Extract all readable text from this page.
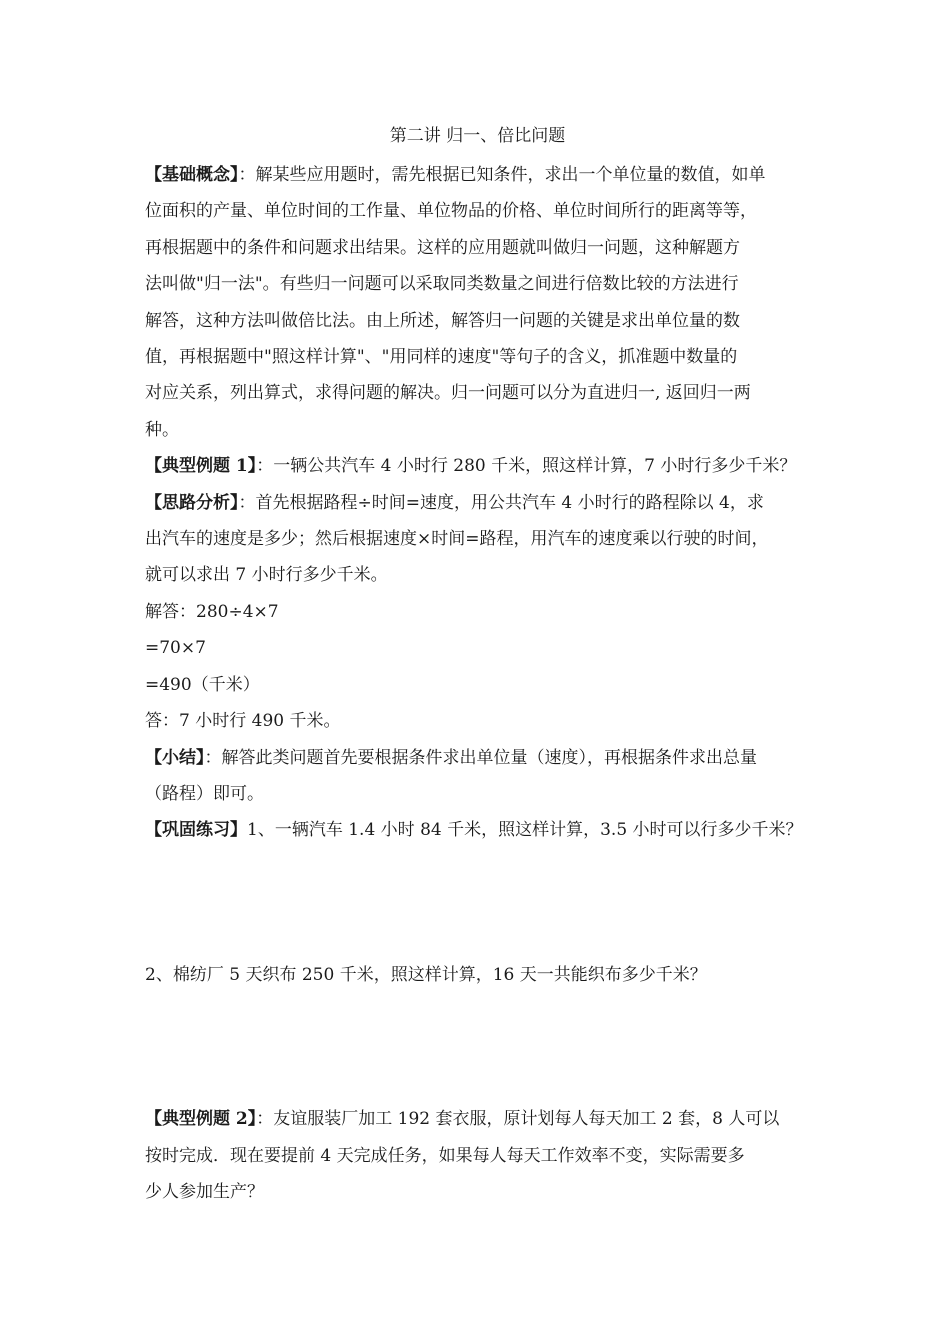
第二讲 归一、倍比问题

【基础概念】：解某些应用题时，需先根据已知条件，求出一个单位量的数值，如单
位面积的产量、单位时间的工作量、单位物品的价格、单位时间所行的距离等等，
再根据题中的条件和问题求出结果。这样的应用题就叫做归一问题，这种解题方
法叫做"归一法"。有些归一问题可以采取同类数量之间进行倍数比较的方法进行
解答，这种方法叫做倍比法。由上所述，解答归一问题的关键是求出单位量的数
值，再根据题中"照这样计算"、"用同样的速度"等句子的含义，抓准题中数量的
对应关系，列出算式，求得问题的解决。归一问题可以分为直进归一, 返回归一两
种。

【典型例题 1】：一辆公共汽车 4 小时行 280 千米，照这样计算，7 小时行多少千米？

【思路分析】：首先根据路程÷时间=速度，用公共汽车 4 小时行的路程除以 4，求
出汽车的速度是多少；然后根据速度×时间=路程，用汽车的速度乘以行驶的时间，
就可以求出 7 小时行多少千米。

解答：280÷4×7
=70×7
=490（千米）
答：7 小时行 490 千米。

【小结】：解答此类问题首先要根据条件求出单位量（速度），再根据条件求出总量
（路程）即可。

【巩固练习】1、一辆汽车 1.4 小时 84 千米，照这样计算，3.5 小时可以行多少千米？

2、棉纺厂 5 天织布 250 千米，照这样计算，16 天一共能织布多少千米？

【典型例题 2】：友谊服装厂加工 192 套衣服，原计划每人每天加工 2 套，8 人可以
按时完成．现在要提前 4 天完成任务，如果每人每天工作效率不变，实际需要多
少人参加生产？
